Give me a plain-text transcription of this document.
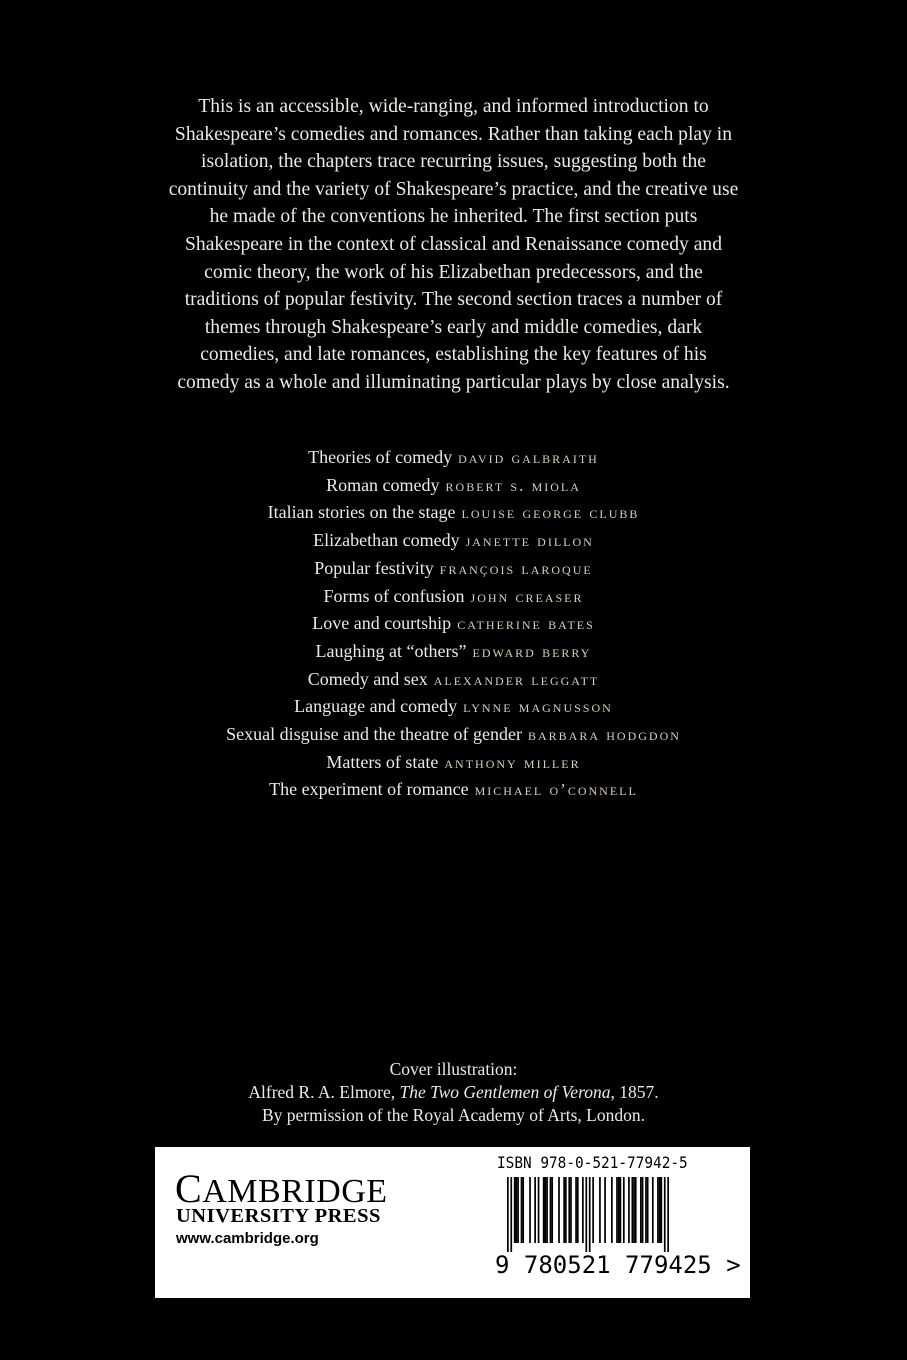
This is an accessible, wide-ranging, and informed introduction to
Shakespeare’s comedies and romances. Rather than taking each play in
isolation, the chapters trace recurring issues, suggesting both the
continuity and the variety of Shakespeare’s practice, and the creative use
he made of the conventions he inherited. The first section puts
Shakespeare in the context of classical and Renaissance comedy and
comic theory, the work of his Elizabethan predecessors, and the
traditions of popular festivity. The second section traces a number of
themes through Shakespeare’s early and middle comedies, dark
comedies, and late romances, establishing the key features of his
comedy as a whole and illuminating particular plays by close analysis.
Theories of comedy david galbraith
Roman comedy robert s. miola
Italian stories on the stage louise george clubb
Elizabethan comedy janette dillon
Popular festivity françois laroque
Forms of confusion john creaser
Love and courtship catherine bates
Laughing at “others” edward berry
Comedy and sex alexander leggatt
Language and comedy lynne magnusson
Sexual disguise and the theatre of gender barbara hodgdon
Matters of state anthony miller
The experiment of romance michael o’connell
Cover illustration:
Alfred R. A. Elmore, The Two Gentlemen of Verona, 1857.
By permission of the Royal Academy of Arts, London.
CAMBRIDGE
UNIVERSITY PRESS
www.cambridge.org
ISBN 978-0-521-77942-5
9 780521 779425 >
